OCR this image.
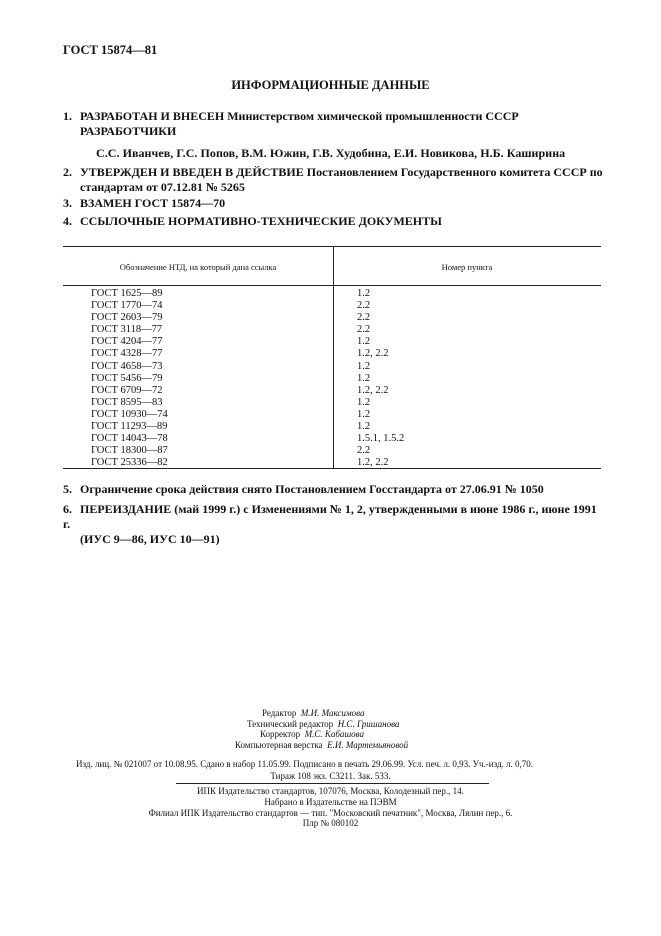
ГОСТ 15874—81
ИНФОРМАЦИОННЫЕ ДАННЫЕ
1. РАЗРАБОТАН И ВНЕСЕН Министерством химической промышленности СССР
РАЗРАБОТЧИКИ
С.С. Иванчев, Г.С. Попов, В.М. Южин, Г.В. Худобина, Е.И. Новикова, Н.Б. Каширина
2. УТВЕРЖДЕН И ВВЕДЕН В ДЕЙСТВИЕ Постановлением Государственного комитета СССР по
стандартам от 07.12.81 № 5265
3. ВЗАМЕН ГОСТ 15874—70
4. ССЫЛОЧНЫЕ НОРМАТИВНО-ТЕХНИЧЕСКИЕ ДОКУМЕНТЫ
Обозначение НТД, на который дана ссылка	Номер пункта
ГОСТ 1625—89
ГОСТ 1770—74
ГОСТ 2603—79
ГОСТ 3118—77
ГОСТ 4204—77
ГОСТ 4328—77
ГОСТ 4658—73
ГОСТ 5456—79
ГОСТ 6709—72
ГОСТ 8595—83
ГОСТ 10930—74
ГОСТ 11293—89
ГОСТ 14043—78
ГОСТ 18300—87
ГОСТ 25336—82
1.2
2.2
2.2
2.2
1.2
1.2, 2.2
1.2
1.2
1.2, 2.2
1.2
1.2
1.2
1.5.1, 1.5.2
2.2
1.2, 2.2
5. Ограничение срока действия снято Постановлением Госстандарта от 27.06.91 № 1050
6. ПЕРЕИЗДАНИЕ (май 1999 г.) с Изменениями № 1, 2, утвержденными в июне 1986 г., июне 1991 г.
(ИУС 9—86, ИУС 10—91)
Редактор М.И. Максимова
Технический редактор Н.С. Гришанова
Корректор М.С. Кабашова
Компьютерная верстка Е.И. Мартемьяновой
Изд. лиц. № 021007 от 10.08.95. Сдано в набор 11.05.99. Подписано в печать 29.06.99. Усл. печ. л. 0,93. Уч.-изд. л. 0,70.
Тираж 108 экз. С3211. Зак. 533.
ИПК Издательство стандартов, 107076, Москва, Колодезный пер., 14.
Набрано в Издательстве на ПЭВМ
Филиал ИПК Издательство стандартов — тип. "Московский печатник", Москва, Лялин пер., 6.
Плр № 080102
